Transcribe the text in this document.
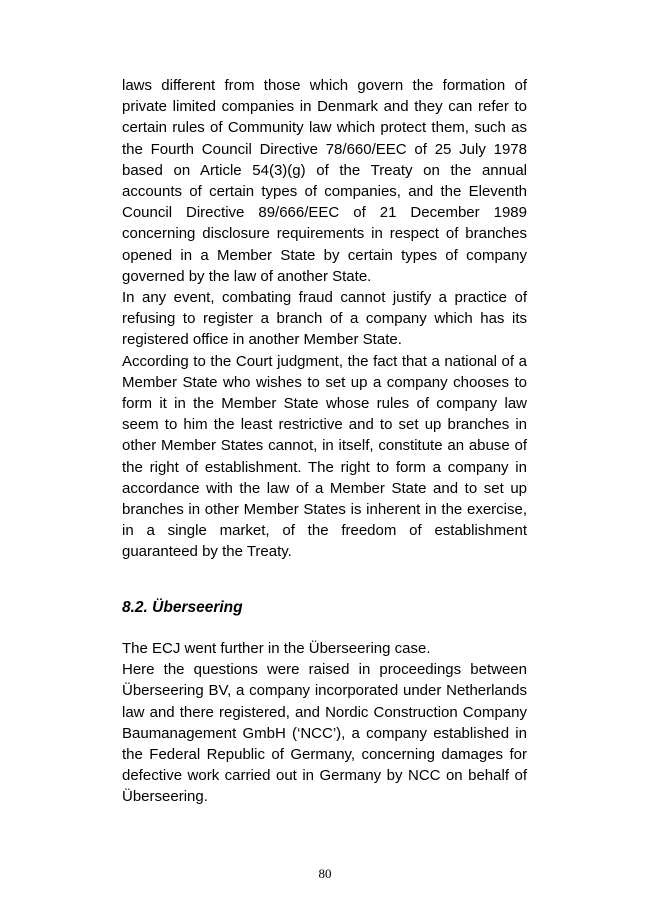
laws different from those which govern the formation of private limited companies in Denmark and they can refer to certain rules of Community law which protect them, such as the Fourth Council Directive 78/660/EEC of 25 July 1978 based on Article 54(3)(g) of the Treaty on the annual accounts of certain types of companies, and the Eleventh Council Directive 89/666/EEC of 21 December 1989 concerning disclosure requirements in respect of branches opened in a Member State by certain types of company governed by the law of another State.

In any event, combating fraud cannot justify a practice of refusing to register a branch of a company which has its registered office in another Member State.

According to the Court judgment, the fact that a national of a Member State who wishes to set up a company chooses to form it in the Member State whose rules of company law seem to him the least restrictive and to set up branches in other Member States cannot, in itself, constitute an abuse of the right of establishment. The right to form a company in accordance with the law of a Member State and to set up branches in other Member States is inherent in the exercise, in a single market, of the freedom of establishment guaranteed by the Treaty.

8.2. Überseering

The ECJ went further in the Überseering case.

Here the questions were raised in proceedings between Überseering BV, a company incorporated under Netherlands law and there registered, and Nordic Construction Company Baumanagement GmbH (‘NCC’), a company established in the Federal Republic of Germany, concerning damages for defective work carried out in Germany by NCC on behalf of Überseering.

80
